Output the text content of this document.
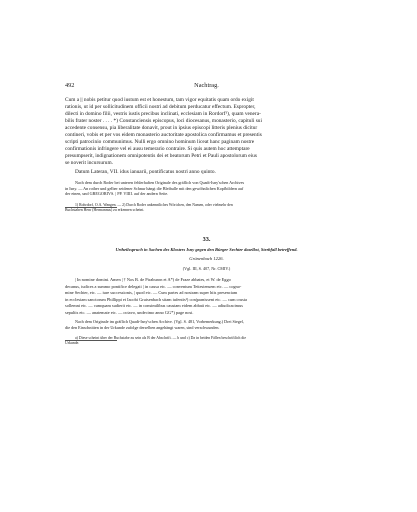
492	Nachtrag.
Cum a || nobis petitur quod iustum est et honestum, tam vigor equitatis quam ordo exigit
rationis, ut id per sollicitudinem officii nostri ad debitum perducatur effectum. Espropter,
dilecti in domino filii, vestris iustis precibus inclinati, ecclesiam in Rordorf¹), quam venera-
bilis frater noster . . . . *) Constanciensis episcopus, loci diocesanus, monasterio, capituli sui
accedente consensu, pia liberalitate donavit, prout in ipsius episcopi litteris plenius dicitur
contineri, vobis et per vos eidem monasterio auctoritate apostolica confirmamus et presentis
scripti patrocinio communimus. Nulli ergo omnino hominum liceat hanc paginam nostre
confirmationis infringere vel ei ausu temerario contraire. Si quis autem hoc attemptare
presumpserit, indignationem omnipotentis dei et beatorum Petri et Pauli apostolorum eius
se noverit incursurum.
Datum Lateran, VII. idus ianuarii, pontificatus nostri anno quinto.
Nach dem durch Roder bei unteren fehlerhaften Originale des gräflich von Quadt-Isny'schen Archives
in Isny. — An rother und gelber seidener Schnur hängt die Bleibulle mit den gewöhnlichen Kopfbildern auf
der einen, und GREGORIVS. | PP. VIIII. auf der andern Seite.
1) Rohrdorf, O.A. Wangen. — 2) Durch Roder unkenntliches Wörtchen, den Namen, oder vielmehr den
Buchstaben Henr (Hermannus) zu erkennen scheint.
33.
Urtheilsspruch in Sachen des Klosters Isny gegen den Bürger Sechter daselbst, Sterbfall betreffend.
Grünenbach 1226.
(Vgl. III, S. 407, Nr. CMIV.)
| In nomine domini. Amen | † Nos B. de Piraburon et A*) de Fraze abbates, et W. de Eggo
decanus, iudices a summo pontifice delegati | in causa etc. — conventum Tettestensem etc. — cogno-
mine Sechter, etc. — iure successionis, | quod etc. — Cum partes ad nostram super hiis presenciam
in ecclesiam sanctorum Phillippi et Iacobi Gruisenbach sitam iufentis¹) con|parnissent etc. — cum crusta
sollemni etc. — cumquam sudierit etc. — in consimilibus caustam eidem abbati etc. — adiudicacimus
sepultis etc. — anatemate etc. — octavo, undecimo anno GG*) page nosi.
Nach dem Originale im gräflich Quadt-Isny'schen Archive. (Vgl. S. 481, Vorbemerkung.) Drei Siegel,
die den Einschnitten in der Urkunde zufolge derselben angehängt waren, sind verschwunden.
a) Diese scheint über der Buchstabe zu sein als B der Abschrift. — b und c) Da in beiden Fällen beschriftlich die
Urkunde.
